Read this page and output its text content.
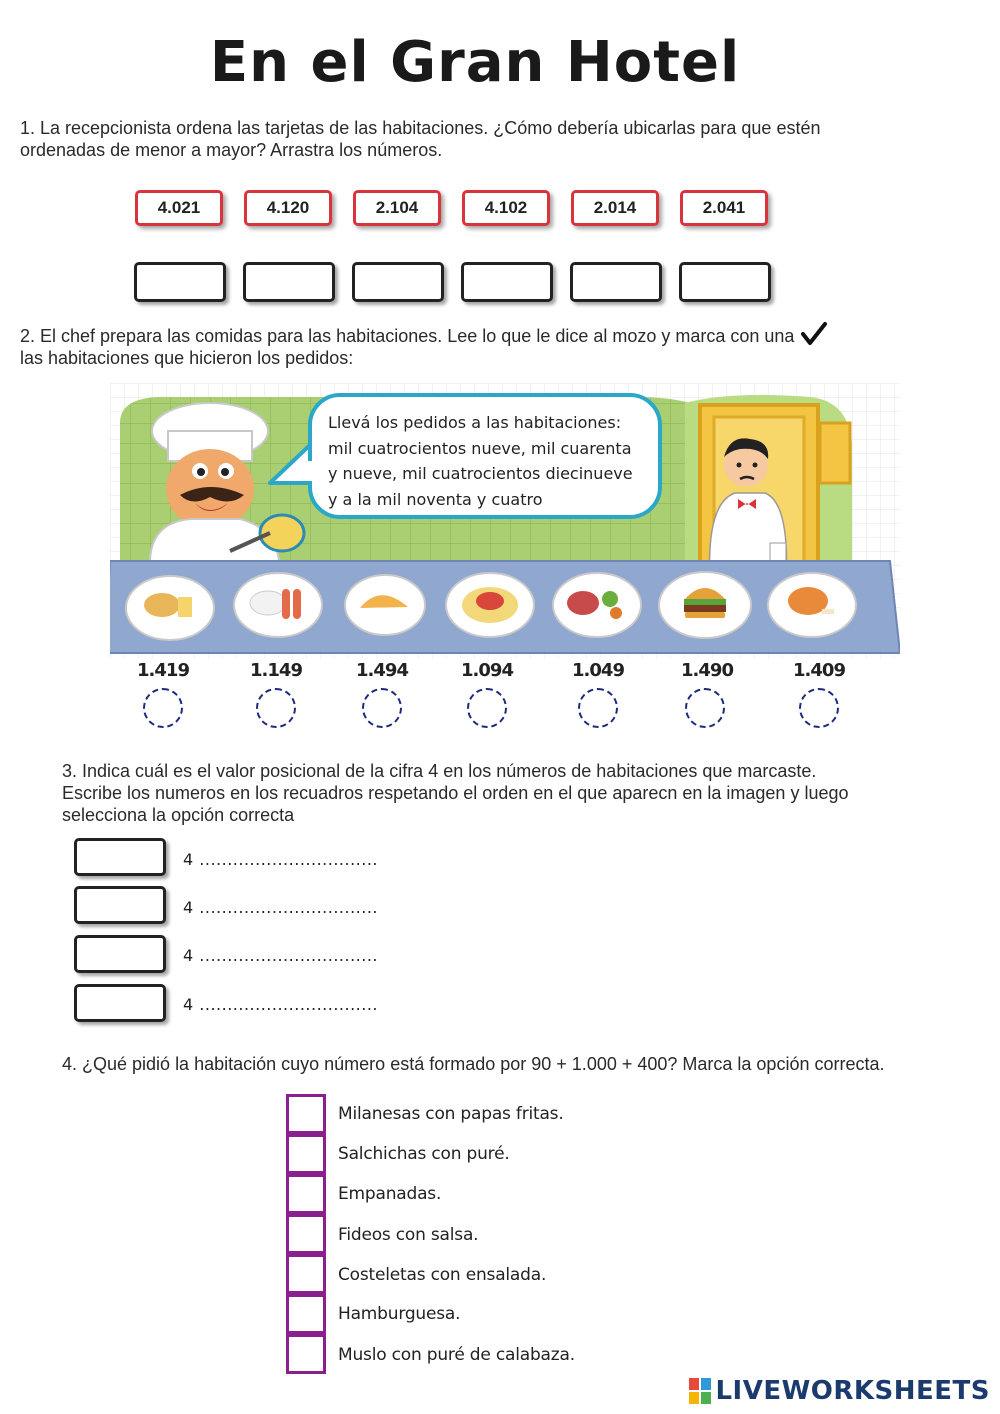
En el Gran Hotel
1. La recepcionista ordena las tarjetas de las habitaciones. ¿Cómo debería ubicarlas para que estén
ordenadas de menor a mayor? Arrastra los números.
4.021	4.120	2.104	4.102	2.014	2.041
2. El chef prepara las comidas para las habitaciones. Lee lo que le dice al mozo y marca con una
las habitaciones que hicieron los pedidos:
Llevá los pedidos a las habitaciones:
mil cuatrocientos nueve, mil cuarenta
y nueve, mil cuatrocientos diecinueve
y a la mil noventa y cuatro
1.419	1.149	1.494	1.094	1.049	1.490	1.409
3. Indica cuál es el valor posicional de la cifra 4 en los números de habitaciones que marcaste.
Escribe los numeros en los recuadros respetando el orden en el que aparecn en la imagen y luego
selecciona la opción correcta
4 ................................
4 ................................
4 ................................
4 ................................
4. ¿Qué pidió la habitación cuyo número está formado por 90 + 1.000 + 400? Marca la opción correcta.
Milanesas con papas fritas.
Salchichas con puré.
Empanadas.
Fideos con salsa.
Costeletas con ensalada.
Hamburguesa.
Muslo con puré de calabaza.
LIVEWORKSHEETS
